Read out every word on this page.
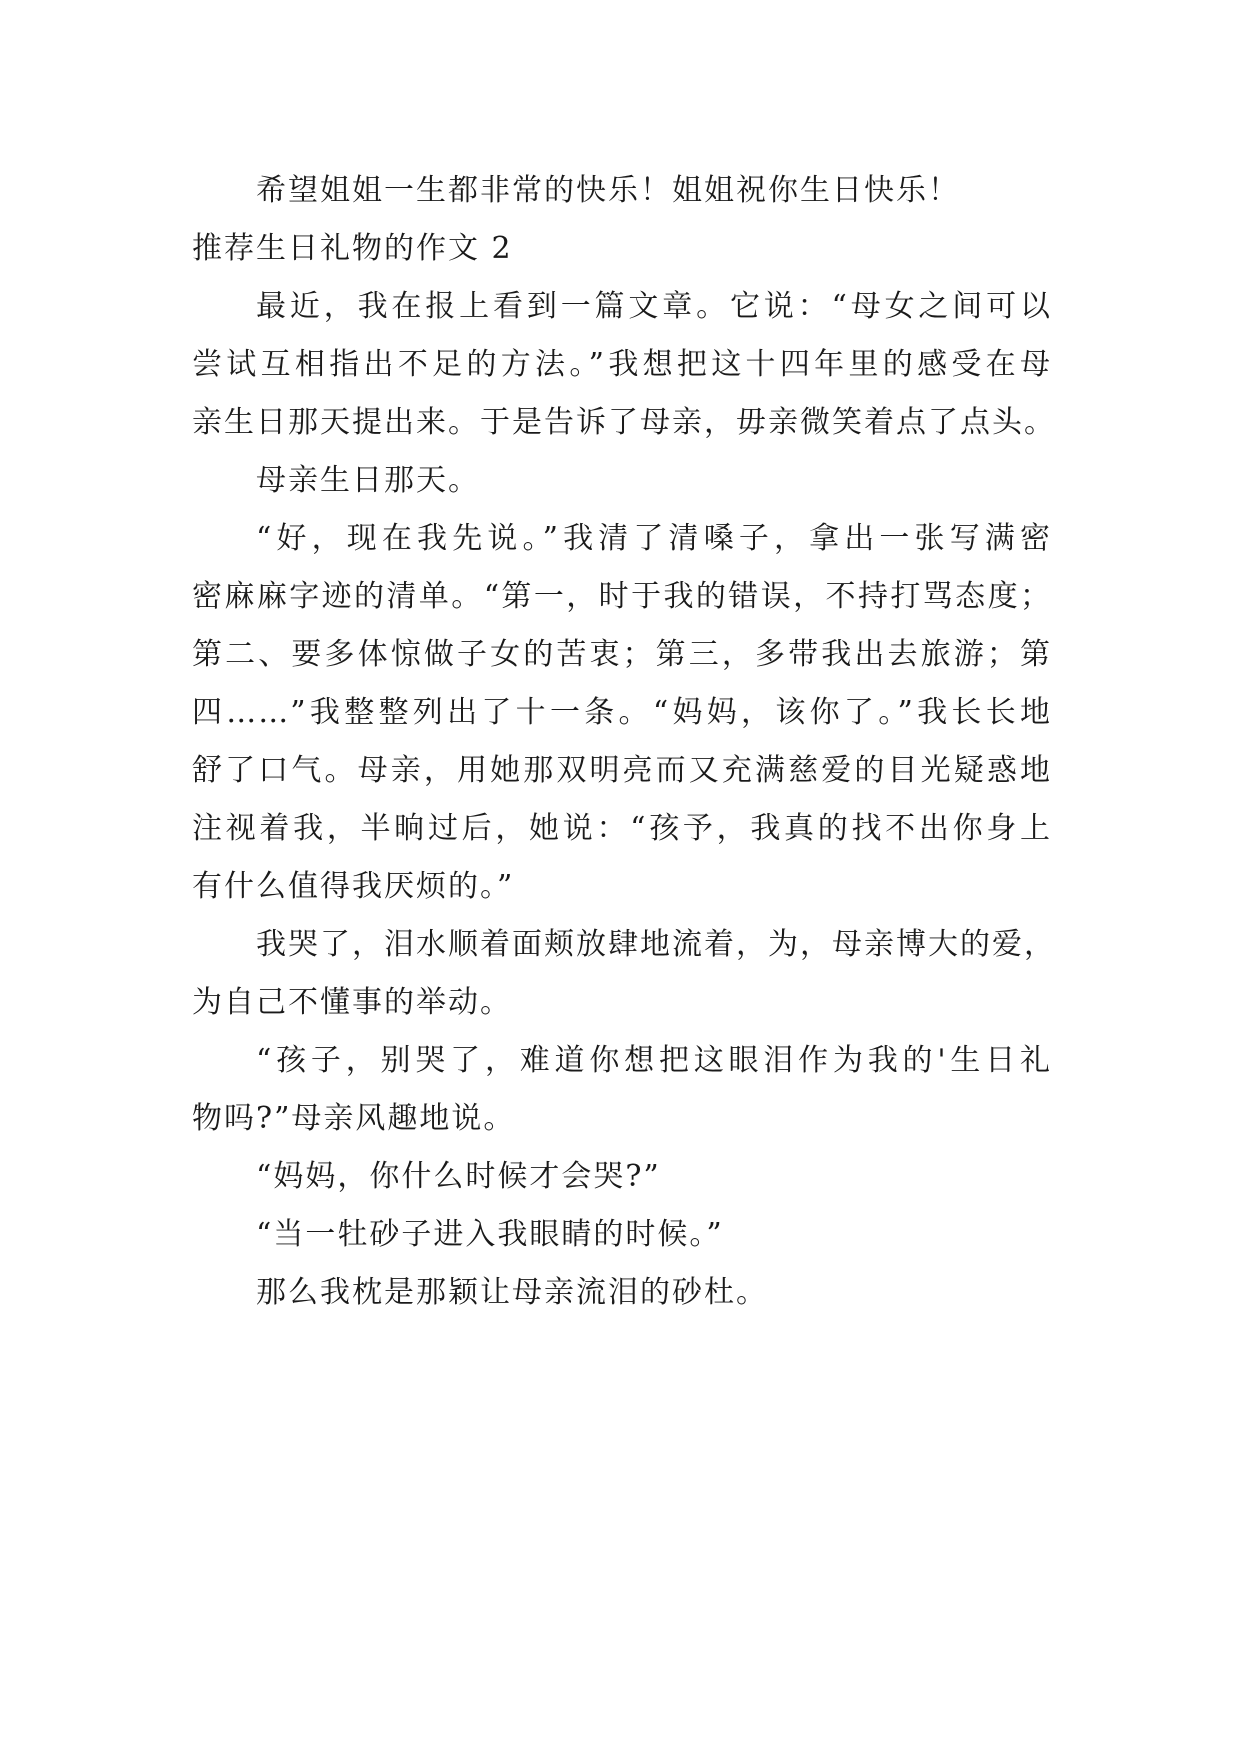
希望姐姐一生都非常的快乐！姐姐祝你生日快乐！
推荐生日礼物的作文 2
最近，我在报上看到一篇文章。它说：“母女之间可以
尝试互相指出不足的方法。”我想把这十四年里的感受在母
亲生日那天提出来。于是告诉了母亲，毋亲微笑着点了点头。
母亲生日那天。
“好，现在我先说。”我清了清嗓子，拿出一张写满密
密麻麻字迹的清单。“第一，时于我的错误，不持打骂态度；
第二、要多体惊做子女的苦衷；第三，多带我出去旅游；第
四……”我整整列出了十一条。“妈妈，该你了。”我长长地
舒了口气。母亲，用她那双明亮而又充满慈爱的目光疑惑地
注视着我，半晌过后，她说：“孩予，我真的找不出你身上
有什么值得我厌烦的。”
我哭了，泪水顺着面颊放肆地流着，为，母亲博大的爱，
为自己不懂事的举动。
“孩子，别哭了，难道你想把这眼泪作为我的'生日礼
物吗?”母亲风趣地说。
“妈妈，你什么时候才会哭?”
“当一牡砂子进入我眼睛的时候。”
那么我枕是那颖让母亲流泪的砂杜。
